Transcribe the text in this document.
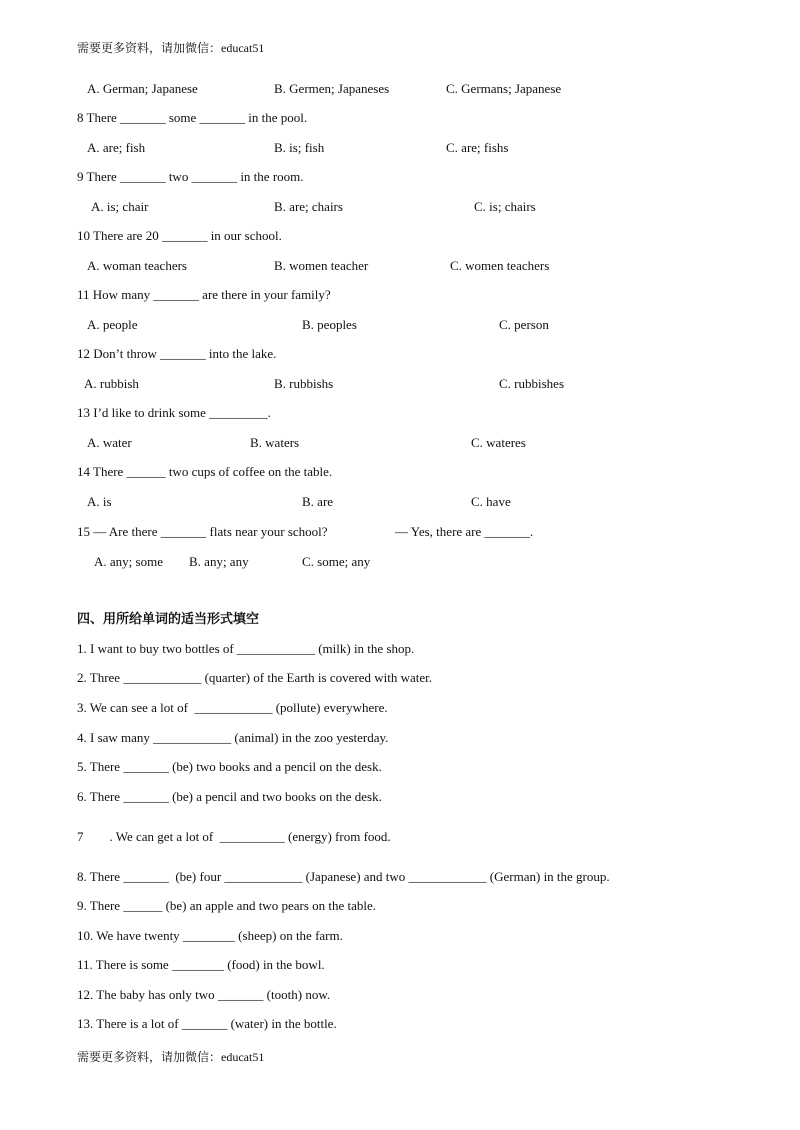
需要更多资料，请加微信：educat51
A. German; Japanese	B. Germen; Japaneses	C. Germans; Japanese
8 There _______ some _______ in the pool.
A. are; fish	B. is; fish	C. are; fishs
9 There _______ two _______ in the room.
A. is; chair	B. are; chairs	C. is; chairs
10 There are 20 _______ in our school.
A. woman teachers	B. women teacher	C. women teachers
11 How many _______ are there in your family?
A. people	B. peoples	C. person
12 Don’t throw _______ into the lake.
A. rubbish	B. rubbishs	C. rubbishes
13 I’d like to drink some _________.
A. water	B. waters	C. wateres
14 There ______ two cups of coffee on the table.
A. is	B. are	C. have
15 — Are there _______ flats near your school?	— Yes, there are _______.
A. any; some B. any; any	C. some; any
四、用所给单词的适当形式填空
1. I want to buy two bottles of ____________ (milk) in the shop.
2. Three ____________ (quarter) of the Earth is covered with water.
3. We can see a lot of  ____________ (pollute) everywhere.
4. I saw many ____________ (animal) in the zoo yesterday.
5. There _______ (be) two books and a pencil on the desk.
6. There _______ (be) a pencil and two books on the desk.
7        . We can get a lot of  __________ (energy) from food.
8. There _______  (be) four ____________ (Japanese) and two ____________ (German) in the group.
9. There ______ (be) an apple and two pears on the table.
10. We have twenty ________ (sheep) on the farm.
11. There is some ________ (food) in the bowl.
12. The baby has only two _______ (tooth) now.
13. There is a lot of _______ (water) in the bottle.
需要更多资料，请加微信：educat51
